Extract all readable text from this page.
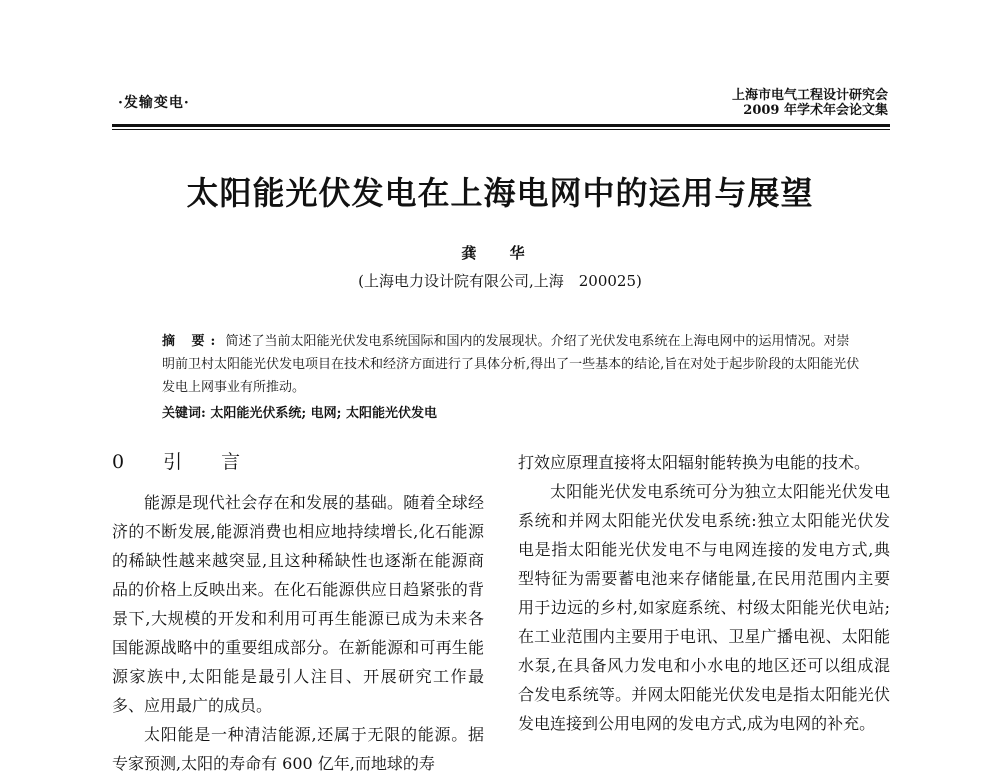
·发输变电·	上海市电气工程设计研究会
2009 年学术年会论文集
太阳能光伏发电在上海电网中的运用与展望
龚 华
(上海电力设计院有限公司,上海　200025)
摘 要: 简述了当前太阳能光伏发电系统国际和国内的发展现状。介绍了光伏发电系统在上海电网中的运用情况。对崇明前卫村太阳能光伏发电项目在技术和经济方面进行了具体分析,得出了一些基本的结论,旨在对处于起步阶段的太阳能光伏发电上网事业有所推动。
关键词: 太阳能光伏系统; 电网; 太阳能光伏发电
0　引　言

能源是现代社会存在和发展的基础。随着全球经济的不断发展,能源消费也相应地持续增长,化石能源的稀缺性越来越突显,且这种稀缺性也逐渐在能源商品的价格上反映出来。在化石能源供应日趋紧张的背景下,大规模的开发和利用可再生能源已成为未来各国能源战略中的重要组成部分。在新能源和可再生能源家族中,太阳能是最引人注目、开展研究工作最多、应用最广的成员。

太阳能是一种清洁能源,还属于无限的能源。据专家预测,太阳的寿命有 600 亿年,而地球的寿

打效应原理直接将太阳辐射能转换为电能的技术。

太阳能光伏发电系统可分为独立太阳能光伏发电系统和并网太阳能光伏发电系统:独立太阳能光伏发电是指太阳能光伏发电不与电网连接的发电方式,典型特征为需要蓄电池来存储能量,在民用范围内主要用于边远的乡村,如家庭系统、村级太阳能光伏电站;在工业范围内主要用于电讯、卫星广播电视、太阳能水泵,在具备风力发电和小水电的地区还可以组成混合发电系统等。并网太阳能光伏发电是指太阳能光伏发电连接到公用电网的发电方式,成为电网的补充。
